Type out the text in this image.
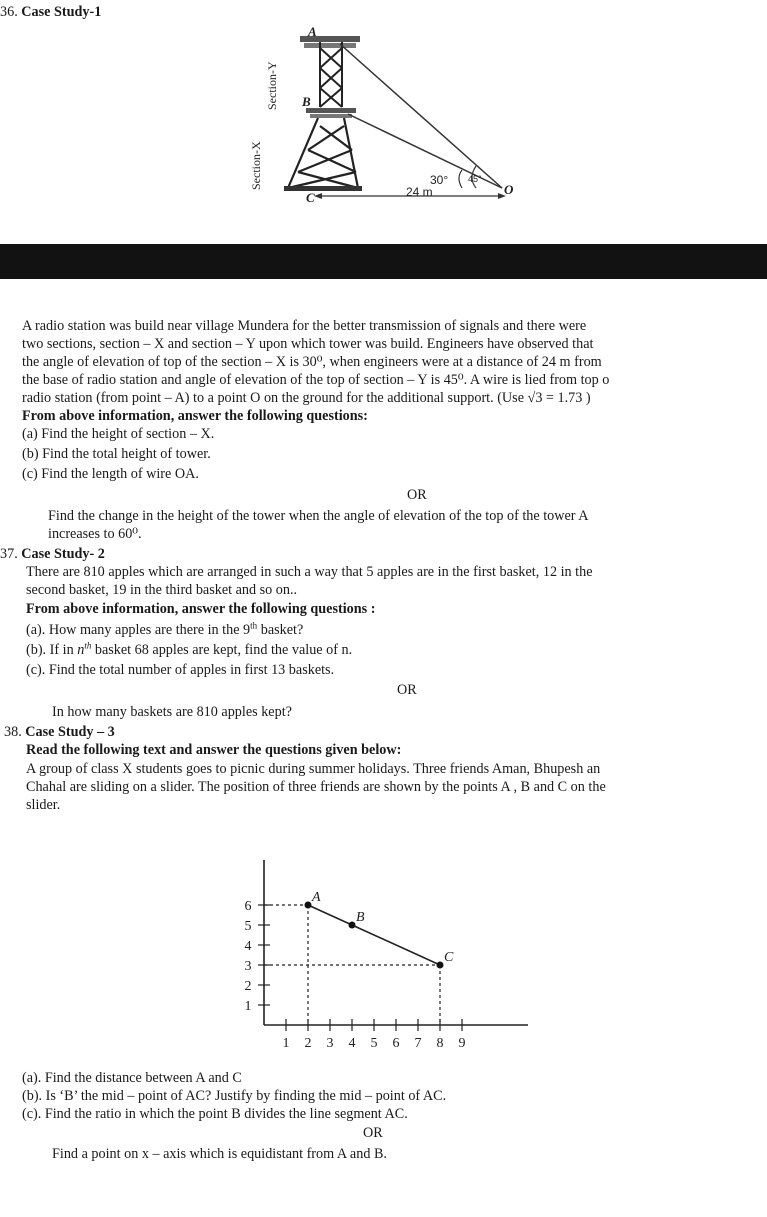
36. Case Study-1
A
B
C
O
24 m
30° 45°
Section-X
Section-Y
A radio station was build near village Mundera for the better transmission of signals and there were
two sections, section – X and section – Y upon which tower was build. Engineers have observed that
the angle of elevation of top of the section – X is 30⁰, when engineers were at a distance of 24 m from
the base of radio station and angle of elevation of the top of section – Y is 45⁰. A wire is lied from top o
radio station (from point – A) to a point O on the ground for the additional support. (Use √3 = 1.73 )
From above information, answer the following questions:
(a) Find the height of section – X.
(b) Find the total height of tower.
(c) Find the length of wire OA.
OR
Find the change in the height of the tower when the angle of elevation of the top of the tower A
increases to 60⁰.
37. Case Study- 2
There are 810 apples which are arranged in such a way that 5 apples are in the first basket, 12 in the
second basket, 19 in the third basket and so on..
From above information, answer the following questions :
(a). How many apples are there in the 9th basket?
(b). If in $n^{th}$ basket 68 apples are kept, find the value of n.
(c). Find the total number of apples in first 13 baskets.
OR
In how many baskets are 810 apples kept?
38. Case Study – 3
Read the following text and answer the questions given below:
A group of class X students goes to picnic during summer holidays. Three friends Aman, Bhupesh an
Chahal are sliding on a slider. The position of three friends are shown by the points A , B and C on the
slider.
1
2
3
4
5
6
1 2 3 4 5 6 7 8 9
A
B
C
(a). Find the distance between A and C
(b). Is ‘B’ the mid – point of AC? Justify by finding the mid – point of AC.
(c). Find the ratio in which the point B divides the line segment AC.
OR
Find a point on x – axis which is equidistant from A and B.
